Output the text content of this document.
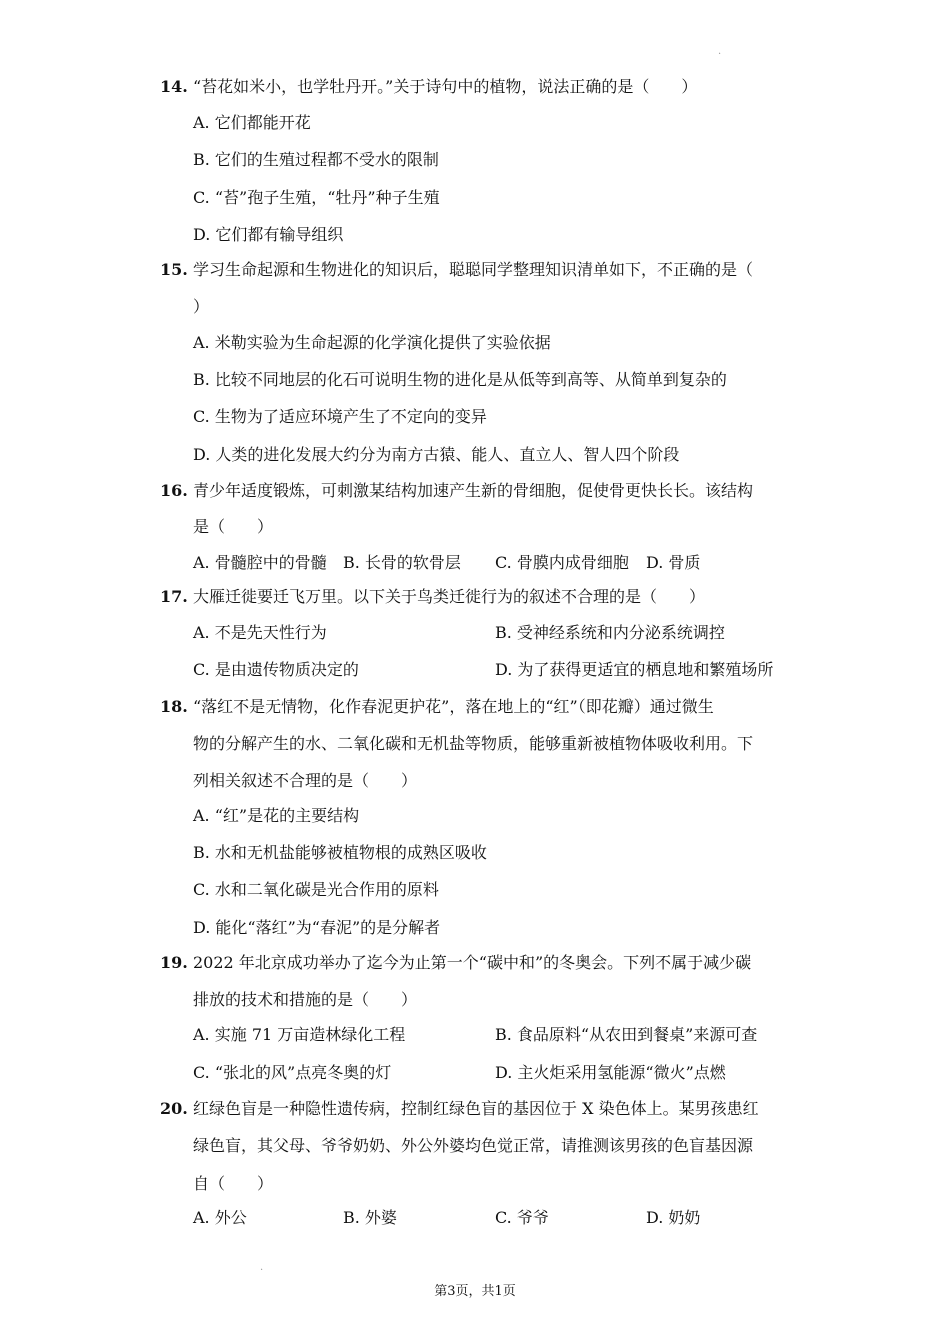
14. “苔花如米小，也学牡丹开。”关于诗句中的植物，说法正确的是（　　）
A. 它们都能开花
B. 它们的生殖过程都不受水的限制
C. “苔”孢子生殖，“牡丹”种子生殖
D. 它们都有输导组织
15. 学习生命起源和生物进化的知识后，聪聪同学整理知识清单如下，不正确的是（
）
A. 米勒实验为生命起源的化学演化提供了实验依据
B. 比较不同地层的化石可说明生物的进化是从低等到高等、从简单到复杂的
C. 生物为了适应环境产生了不定向的变异
D. 人类的进化发展大约分为南方古猿、能人、直立人、智人四个阶段
16. 青少年适度锻炼，可刺激某结构加速产生新的骨细胞，促使骨更快长长。该结构
是（　　）
A. 骨髓腔中的骨髓 B. 长骨的软骨层 C. 骨膜内成骨细胞 D. 骨质
17. 大雁迁徙要迁飞万里。以下关于鸟类迁徙行为的叙述不合理的是（　　）
A. 不是先天性行为	B. 受神经系统和内分泌系统调控
C. 是由遗传物质决定的	D. 为了获得更适宜的栖息地和繁殖场所
18. “落红不是无情物，化作春泥更护花”，落在地上的“红”（即花瓣）通过微生
物的分解产生的水、二氧化碳和无机盐等物质，能够重新被植物体吸收利用。下
列相关叙述不合理的是（　　）
A. “红”是花的主要结构
B. 水和无机盐能够被植物根的成熟区吸收
C. 水和二氧化碳是光合作用的原料
D. 能化“落红”为“春泥”的是分解者
19. 2022 年北京成功举办了迄今为止第一个“碳中和”的冬奥会。下列不属于减少碳
排放的技术和措施的是（　　）
A. 实施 71 万亩造林绿化工程	B. 食品原料“从农田到餐桌”来源可查
C. “张北的风”点亮冬奥的灯	D. 主火炬采用氢能源“微火”点燃
20. 红绿色盲是一种隐性遗传病，控制红绿色盲的基因位于 X 染色体上。某男孩患红
绿色盲，其父母、爷爷奶奶、外公外婆均色觉正常，请推测该男孩的色盲基因源
自（　　）
A. 外公	B. 外婆	C. 爷爷	D. 奶奶
.
.
第3页，共1页
